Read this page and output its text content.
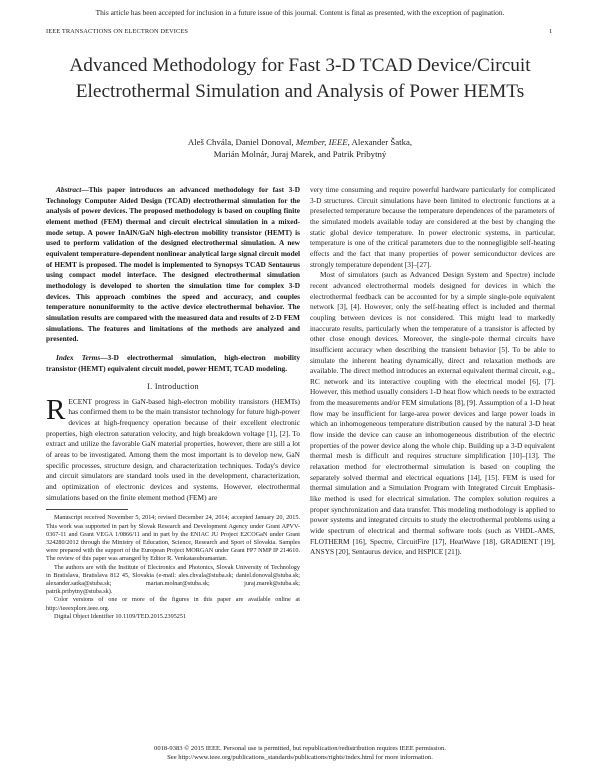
This article has been accepted for inclusion in a future issue of this journal. Content is final as presented, with the exception of pagination.
IEEE TRANSACTIONS ON ELECTRON DEVICES	1
Advanced Methodology for Fast 3-D TCAD Device/Circuit Electrothermal Simulation and Analysis of Power HEMTs
Aleš Chvála, Daniel Donoval, Member, IEEE, Alexander Šatka,
Marián Molnár, Juraj Marek, and Patrik Príbytný

Abstract—This paper introduces an advanced methodology for fast 3-D Technology Computer Aided Design (TCAD) electrothermal simulation for the analysis of power devices. The proposed methodology is based on coupling finite element method (FEM) thermal and circuit electrical simulation in a mixed-mode setup. A power InAlN/GaN high-electron mobility transistor (HEMT) is used to perform validation of the designed electrothermal simulation. A new equivalent temperature-dependent nonlinear analytical large signal circuit model of HEMT is proposed. The model is implemented to Synopsys TCAD Sentaurus using compact model interface. The designed electrothermal simulation methodology is developed to shorten the simulation time for complex 3-D devices. This approach combines the speed and accuracy, and couples temperature nonuniformity to the active device electrothermal behavior. The simulation results are compared with the measured data and results of 2-D FEM simulations. The features and limitations of the methods are analyzed and presented.

Index Terms—3-D electrothermal simulation, high-electron mobility transistor (HEMT) equivalent circuit model, power HEMT, TCAD modeling.

I. Introduction

RECENT progress in GaN-based high-electron mobility transistors (HEMTs) has confirmed them to be the main transistor technology for future high-power devices at high-frequency operation because of their excellent electronic properties, high electron saturation velocity, and high breakdown voltage [1], [2]. To extract and utilize the favorable GaN material properties, however, there are still a lot of areas to be investigated. Among them the most important is to develop new, GaN specific processes, structure design, and characterization techniques. Today's device and circuit simulators are standard tools used in the development, characterization, and optimization of electronic devices and systems. However, electrothermal simulations based on the finite element method (FEM) are

Manuscript received November 5, 2014; revised December 24, 2014; accepted January 20, 2015. This work was supported in part by Slovak Research and Development Agency under Grant APVV-0367-11 and Grant VEGA 1/0866/11 and in part by the ENIAC JU Project E2COGaN under Grant 324280/2012 through the Ministry of Education, Science, Research and Sport of Slovakia. Samples were prepared with the support of the European Project MORGAN under Grant FP7 NMP IP 214610. The review of this paper was arranged by Editor R. Venkatasubramanian.

The authors are with the Institute of Electronics and Photonics, Slovak University of Technology in Bratislava, Bratislava 812 45, Slovakia (e-mail: ales.chvala@stuba.sk; daniel.donoval@stuba.sk; alexander.satka@stuba.sk; marian.molnar@stuba.sk; juraj.marek@stuba.sk; patrik.pribytny@stuba.sk).

Color versions of one or more of the figures in this paper are available online at http://ieeexplore.ieee.org.

Digital Object Identifier 10.1109/TED.2015.2395251

very time consuming and require powerful hardware particularly for complicated 3-D structures. Circuit simulations have been limited to electronic functions at a preselected temperature because the temperature dependences of the parameters of the simulated models available today are considered at the best by changing the static global device temperature. In power electronic systems, in particular, temperature is one of the critical parameters due to the nonnegligible self-heating effects and the fact that many properties of power semiconductor devices are strongly temperature dependent [3]–[27].

Most of simulators (such as Advanced Design System and Spectre) include recent advanced electrothermal models designed for devices in which the electrothermal feedback can be accounted for by a simple single-pole equivalent network [3], [4]. However, only the self-heating effect is included and thermal coupling between devices is not considered. This might lead to markedly inaccurate results, particularly when the temperature of a transistor is affected by other close enough devices. Moreover, the single-pole thermal circuits have insufficient accuracy when describing the transient behavior [5]. To be able to simulate the inherent heating dynamically, direct and relaxation methods are available. The direct method introduces an external equivalent thermal circuit, e.g., RC network and its interactive coupling with the electrical model [6], [7]. However, this method usually considers 1-D heat flow which needs to be extracted from the measurements and/or FEM simulations [8], [9]. Assumption of a 1-D heat flow may be insufficient for large-area power devices and large power loads in which an inhomogeneous temperature distribution caused by the natural 3-D heat flow inside the device can cause an inhomogeneous distribution of the electric properties of the power device along the whole chip. Building up a 3-D equivalent thermal mesh is difficult and requires structure simplification [10]–[13]. The relaxation method for electrothermal simulation is based on coupling the separately solved thermal and electrical equations [14], [15]. FEM is used for thermal simulation and a Simulation Program with Integrated Circuit Emphasis-like method is used for electrical simulation. The complex solution requires a proper synchronization and data transfer. This modeling methodology is applied to power systems and integrated circuits to study the electrothermal problems using a wide spectrum of electrical and thermal software tools (such as VHDL-AMS, FLOTHERM [16], Spectre, CircuitFire [17], HeatWave [18], GRADIENT [19], ANSYS [20], Sentaurus device, and HSPICE [21]).

0018-9383 © 2015 IEEE. Personal use is permitted, but republication/redistribution requires IEEE permission.
See http://www.ieee.org/publications_standards/publications/rights/index.html for more information.
